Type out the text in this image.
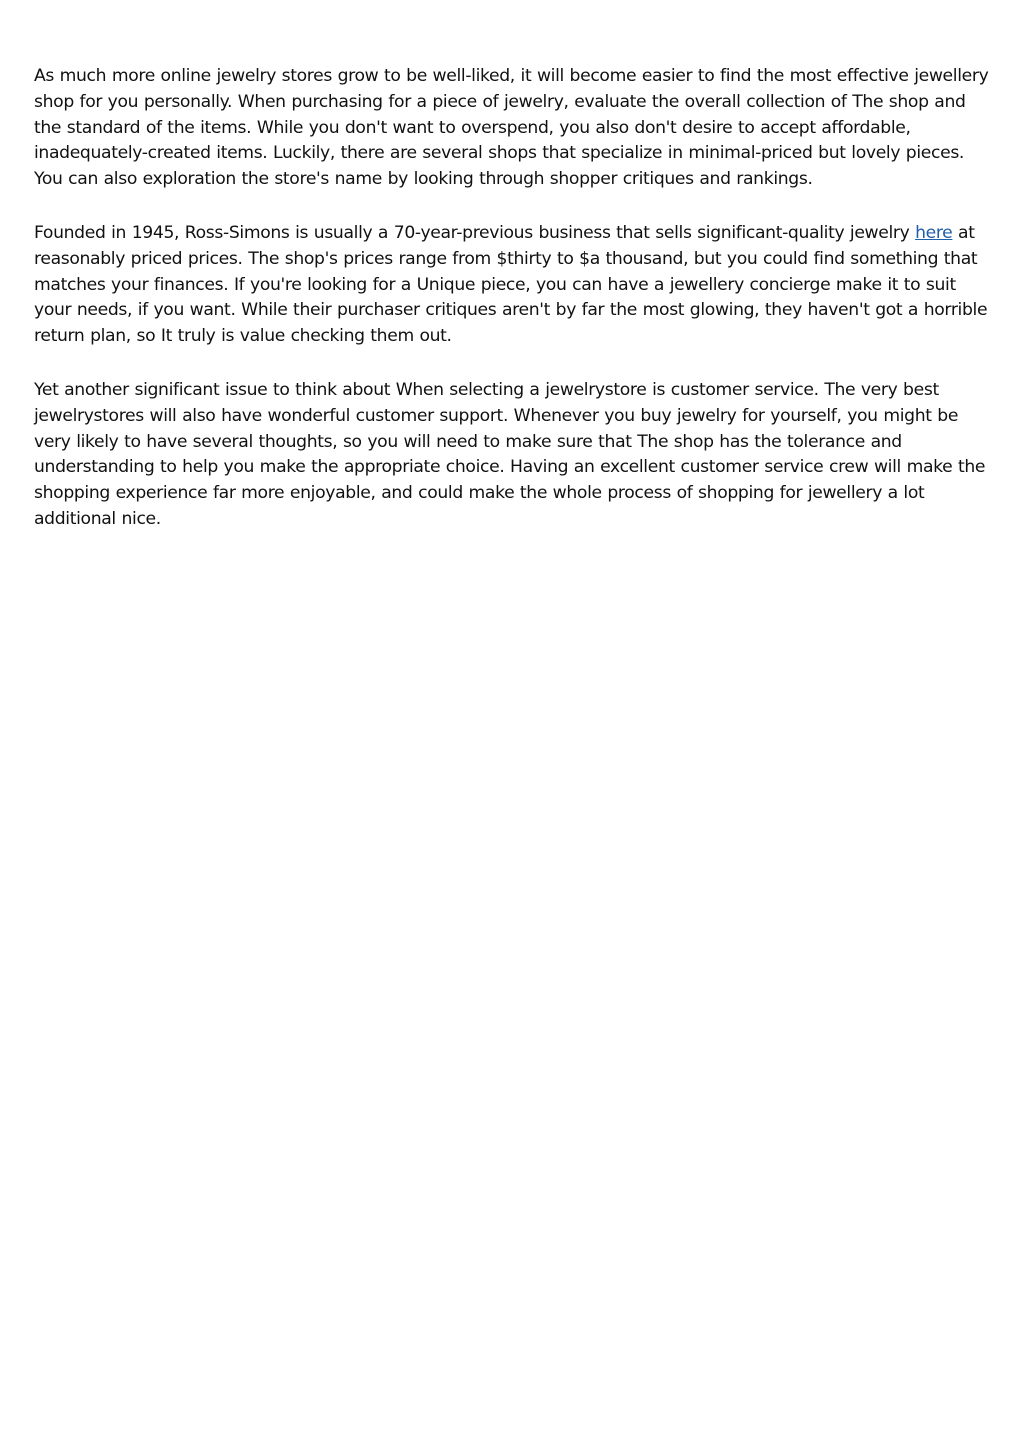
As much more online jewelry stores grow to be well-liked, it will become easier to find the most effective jewellery shop for you personally. When purchasing for a piece of jewelry, evaluate the overall collection of The shop and the standard of the items. While you don't want to overspend, you also don't desire to accept affordable, inadequately-created items. Luckily, there are several shops that specialize in minimal-priced but lovely pieces. You can also exploration the store's name by looking through shopper critiques and rankings.

Founded in 1945, Ross-Simons is usually a 70-year-previous business that sells significant-quality jewelry here at reasonably priced prices. The shop's prices range from $thirty to $a thousand, but you could find something that matches your finances. If you're looking for a Unique piece, you can have a jewellery concierge make it to suit your needs, if you want. While their purchaser critiques aren't by far the most glowing, they haven't got a horrible return plan, so It truly is value checking them out.

Yet another significant issue to think about When selecting a jewelrystore is customer service. The very best jewelrystores will also have wonderful customer support. Whenever you buy jewelry for yourself, you might be very likely to have several thoughts, so you will need to make sure that The shop has the tolerance and understanding to help you make the appropriate choice. Having an excellent customer service crew will make the shopping experience far more enjoyable, and could make the whole process of shopping for jewellery a lot additional nice.
